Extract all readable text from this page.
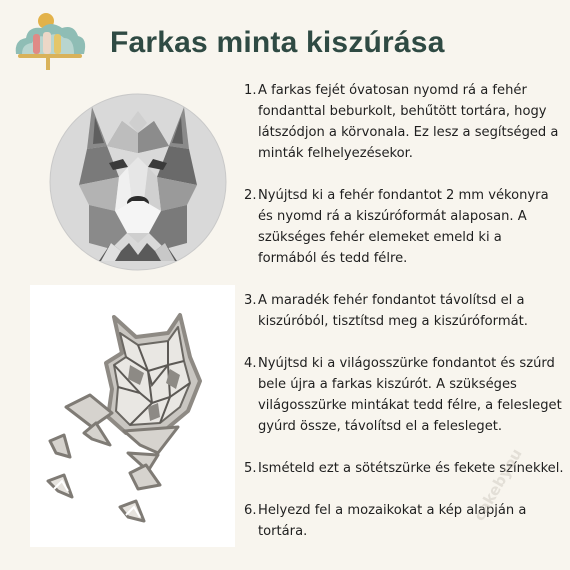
Farkas minta kiszúrása
1. A farkas fejét óvatosan nyomd rá a fehér fondanttal beburkolt, behűtött tortára, hogy látszódjon a körvonala. Ez lesz a segítséged a minták felhelyezésekor.
2. Nyújtsd ki a fehér fondantot 2 mm vékonyra és nyomd rá a kiszúróformát alaposan. A szükséges fehér elemeket emeld ki a formából és tedd félre.
3. A maradék fehér fondantot távolítsd el a kiszúróból, tisztítsd meg a kiszúróformát.
4. Nyújtsd ki a világosszürke fondantot és szúrd bele újra a farkas kiszúrót. A szükséges világosszürke mintákat tedd félre, a felesleget gyúrd össze, távolítsd el a felesleget.
5. Ismételd ezt a sötétszürke és fekete színekkel.
6. Helyezd fel a mozaikokat a kép alapján a tortára.
cakebyou
